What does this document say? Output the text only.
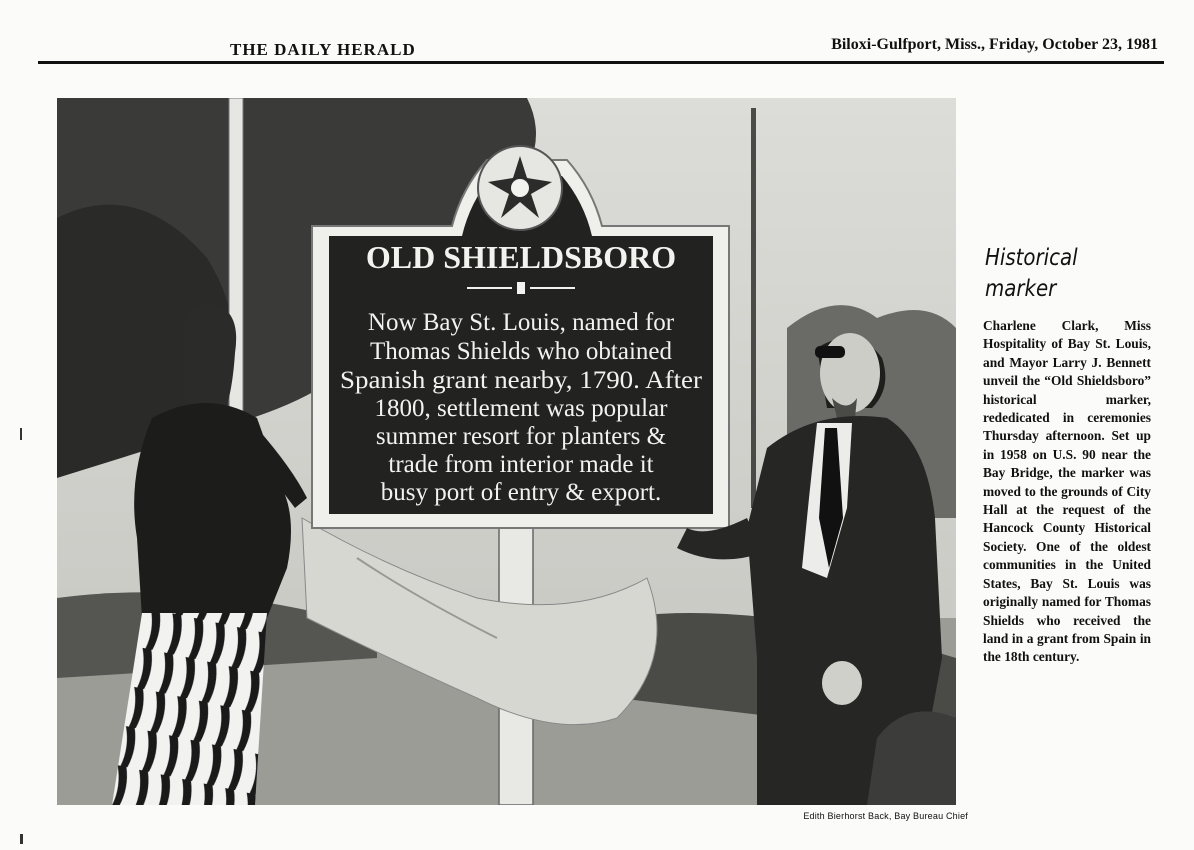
THE DAILY HERALD	Biloxi-Gulfport, Miss., Friday, October 23, 1981
OLD SHIELDSBORO
Now Bay St. Louis, named for
Thomas Shields who obtained
Spanish grant nearby, 1790. After
1800, settlement was popular
summer resort for planters &
trade from interior made it
busy port of entry & export.
Edith Bierhorst Back, Bay Bureau Chief
Historical
marker
Charlene Clark, Miss Hospitality of Bay St. Louis, and Mayor Larry J. Bennett unveil the “Old Shieldsboro” historical marker, rededicated in ceremonies Thursday afternoon. Set up in 1958 on U.S. 90 near the Bay Bridge, the marker was moved to the grounds of City Hall at the request of the Hancock County Historical Society. One of the oldest communities in the United States, Bay St. Louis was originally named for Thomas Shields who received the land in a grant from Spain in the 18th century.
